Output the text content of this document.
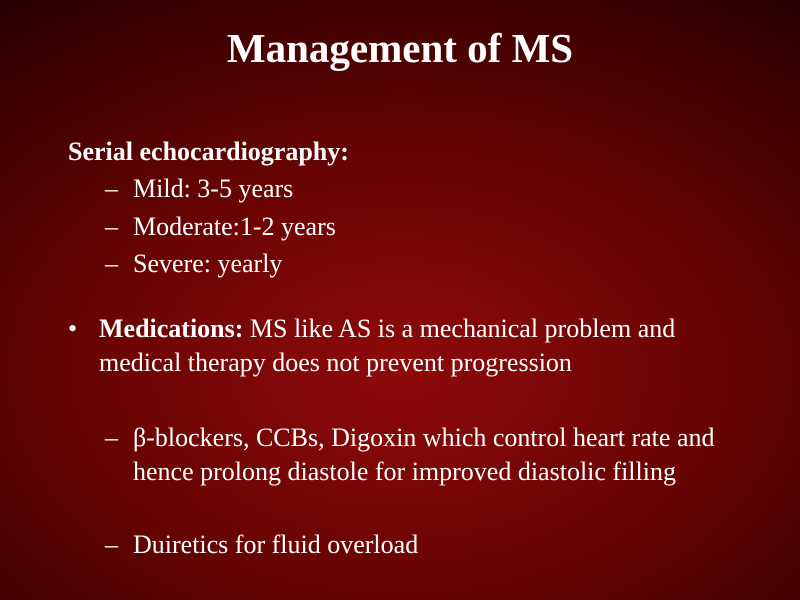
Management of MS
Serial echocardiography:
– Mild: 3-5 years
– Moderate:1-2 years
– Severe: yearly
• Medications: MS like AS is a mechanical problem and medical therapy does not prevent progression
– β-blockers, CCBs, Digoxin which control heart rate and hence prolong diastole for improved diastolic filling
– Duiretics for fluid overload
